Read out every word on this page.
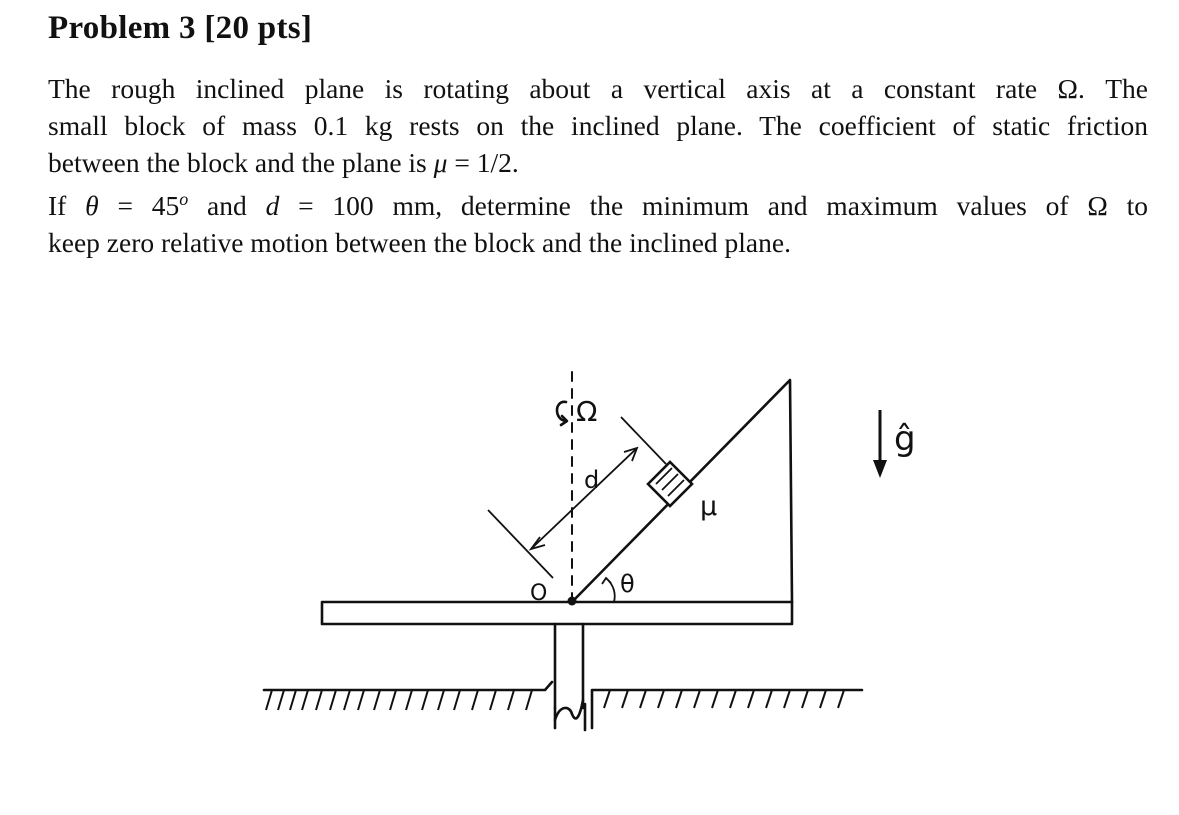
Problem 3 [20 pts]
The rough inclined plane is rotating about a vertical axis at a constant rate Ω. The
small block of mass 0.1 kg rests on the inclined plane. The coefficient of static friction
between the block and the plane is μ = 1/2.
If $\theta = 45^o$ and d = 100 mm, determine the minimum and maximum values of Ω to
keep zero relative motion between the block and the inclined plane.
Ω
d
μ
θ
O
ĝ
